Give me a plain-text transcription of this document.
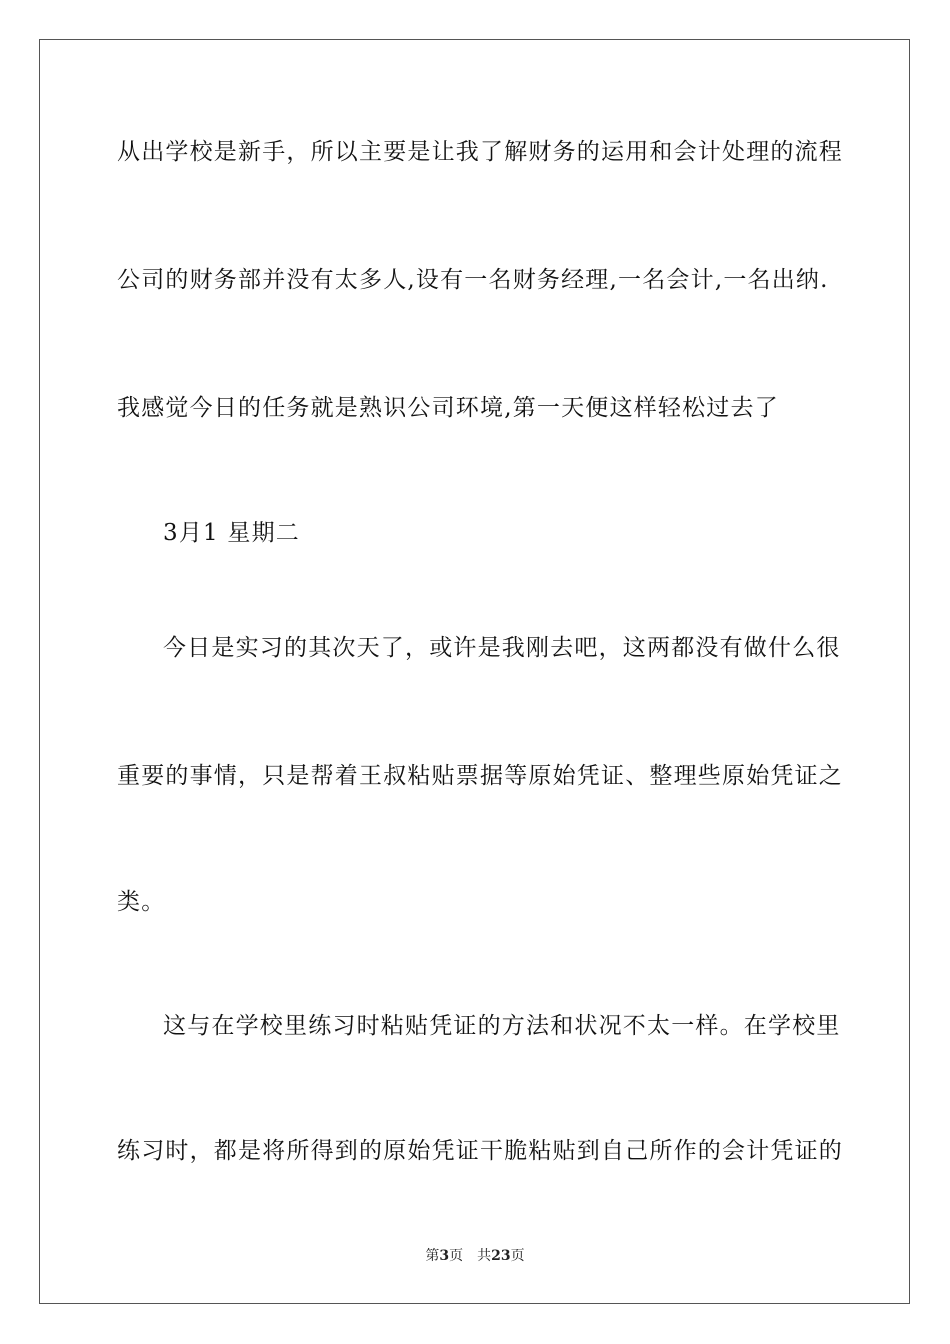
从出学校是新手，所以主要是让我了解财务的运用和会计处理的流程
公司的财务部并没有太多人,设有一名财务经理,一名会计,一名出纳.
我感觉今日的任务就是熟识公司环境,第一天便这样轻松过去了
3月1 星期二
今日是实习的其次天了，或许是我刚去吧，这两都没有做什么很
重要的事情，只是帮着王叔粘贴票据等原始凭证、整理些原始凭证之
类。
这与在学校里练习时粘贴凭证的方法和状况不太一样。在学校里
练习时，都是将所得到的原始凭证干脆粘贴到自己所作的会计凭证的
第3页 共23页
